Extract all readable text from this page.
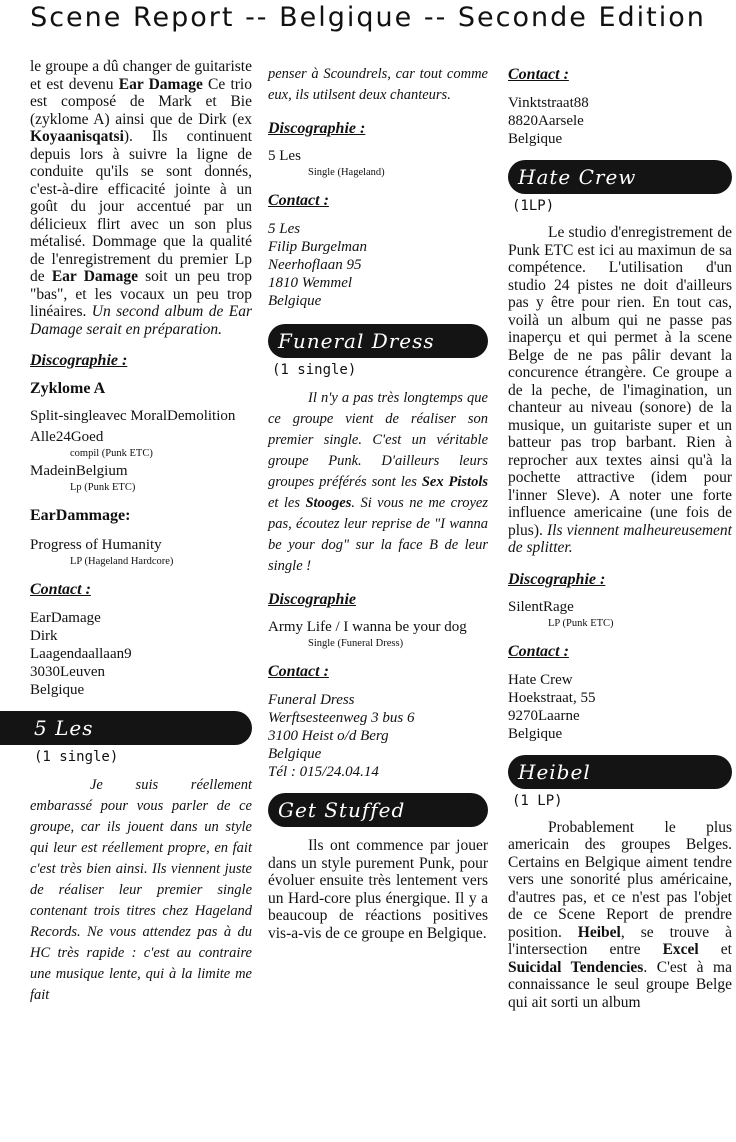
Scene Report -- Belgique -- Seconde Edition

le groupe a dû changer de guitariste et est devenu Ear Damage Ce trio est composé de Mark et Bie (zyklome A) ainsi que de Dirk (ex Koyaanisqatsi). Ils continuent depuis lors à suivre la ligne de conduite qu'ils se sont donnés, c'est-à-dire efficacité jointe à un goût du jour accentué par un délicieux flirt avec un son plus métalisé. Dommage que la qualité de l'enregistrement du premier Lp de Ear Damage soit un peu trop "bas", et les vocaux un peu trop linéaires. Un second album de Ear Damage serait en préparation.

Discographie :
Zyklome A
Split-singleavec MoralDemolition
Alle24Goed
compil (Punk ETC)
MadeinBelgium
Lp (Punk ETC)
EarDammage:
Progress of Humanity
LP (Hageland Hardcore)
Contact :
EarDamage
Dirk
Laagendaallaan9
3030Leuven
Belgique
5 Les
(1 single)

Je suis réellement embarassé pour vous parler de ce groupe, car ils jouent dans un style qui leur est réellement propre, en fait c'est très bien ainsi. Ils viennent juste de réaliser leur premier single contenant trois titres chez Hageland Records. Ne vous attendez pas à du HC très rapide : c'est au contraire une musique lente, qui à la limite me fait

penser à Scoundrels, car tout comme eux, ils utilsent deux chanteurs.

Discographie :
5 Les
Single (Hageland)
Contact :
5 Les
Filip Burgelman
Neerhoflaan 95
1810 Wemmel
Belgique
Funeral Dress
(1 single)

Il n'y a pas très longtemps que ce groupe vient de réaliser son premier single. C'est un véritable groupe Punk. D'ailleurs leurs groupes préférés sont les Sex Pistols et les Stooges. Si vous ne me croyez pas, écoutez leur reprise de "I wanna be your dog" sur la face B de leur single !

Discographie
Army Life / I wanna be your dog
Single (Funeral Dress)
Contact :
Funeral Dress
Werftsesteenweg 3 bus 6
3100 Heist o/d Berg
Belgique
Tél : 015/24.04.14
Get Stuffed

Ils ont commence par jouer dans un style purement Punk, pour évoluer ensuite très lentement vers un Hard-core plus énergique. Il y a beaucoup de réactions positives vis-a-vis de ce groupe en Belgique.

Contact :
Vinktstraat88
8820Aarsele
Belgique
Hate Crew
(1LP)

Le studio d'enregistrement de Punk ETC est ici au maximun de sa compétence. L'utilisation d'un studio 24 pistes ne doit d'ailleurs pas y être pour rien. En tout cas, voilà un album qui ne passe pas inaperçu et qui permet à la scene Belge de ne pas pâlir devant la concurence étrangère. Ce groupe a de la peche, de l'imagination, un chanteur au niveau (sonore) de la musique, un guitariste super et un batteur pas trop barbant. Rien à reprocher aux textes ainsi qu'à la pochette attractive (idem pour l'inner Sleve). A noter une forte influence americaine (une fois de plus). Ils viennent malheureusement de splitter.

Discographie :
SilentRage
LP (Punk ETC)
Contact :
Hate Crew
Hoekstraat, 55
9270Laarne
Belgique
Heibel
(1 LP)

Probablement le plus americain des groupes Belges. Certains en Belgique aiment tendre vers une sonorité plus américaine, d'autres pas, et ce n'est pas l'objet de ce Scene Report de prendre position. Heibel, se trouve à l'intersection entre Excel et Suicidal Tendencies. C'est à ma connaissance le seul groupe Belge qui ait sorti un album
